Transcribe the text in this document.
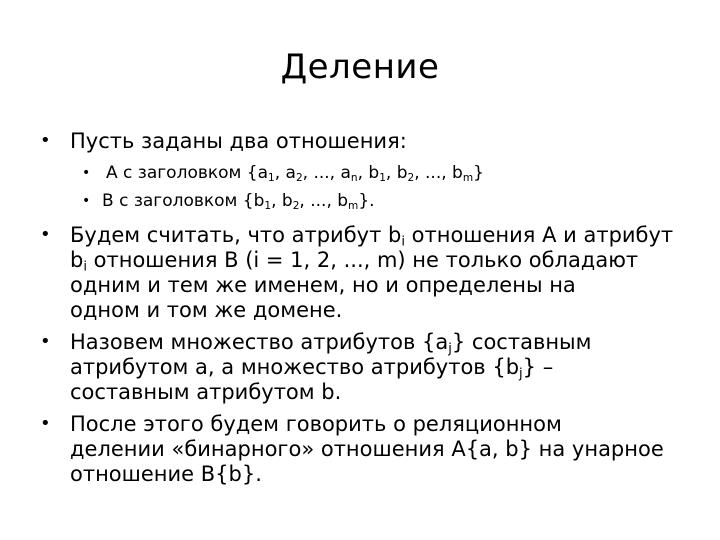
Деление
• Пусть заданы два отношения:
• A с заголовком {$a_1$, $a_2$, ..., $a_n$, $b_1$, $b_2$, ..., $b_m$}
• B с заголовком {$b_1$, $b_2$, ..., $b_m$}.
• Будем считать, что атрибут $b_i$ отношения A и атрибут
$b_i$ отношения B (i = 1, 2, ..., m) не только обладают
одним и тем же именем, но и определены на
одном и том же домене.
• Назовем множество атрибутов $\{a_j\}$ составным
атрибутом a, а множество атрибутов $\{b_j\}$ –
составным атрибутом b.
• После этого будем говорить о реляционном
делении «бинарного» отношения A{a, b} на унарное
отношение B{b}.
